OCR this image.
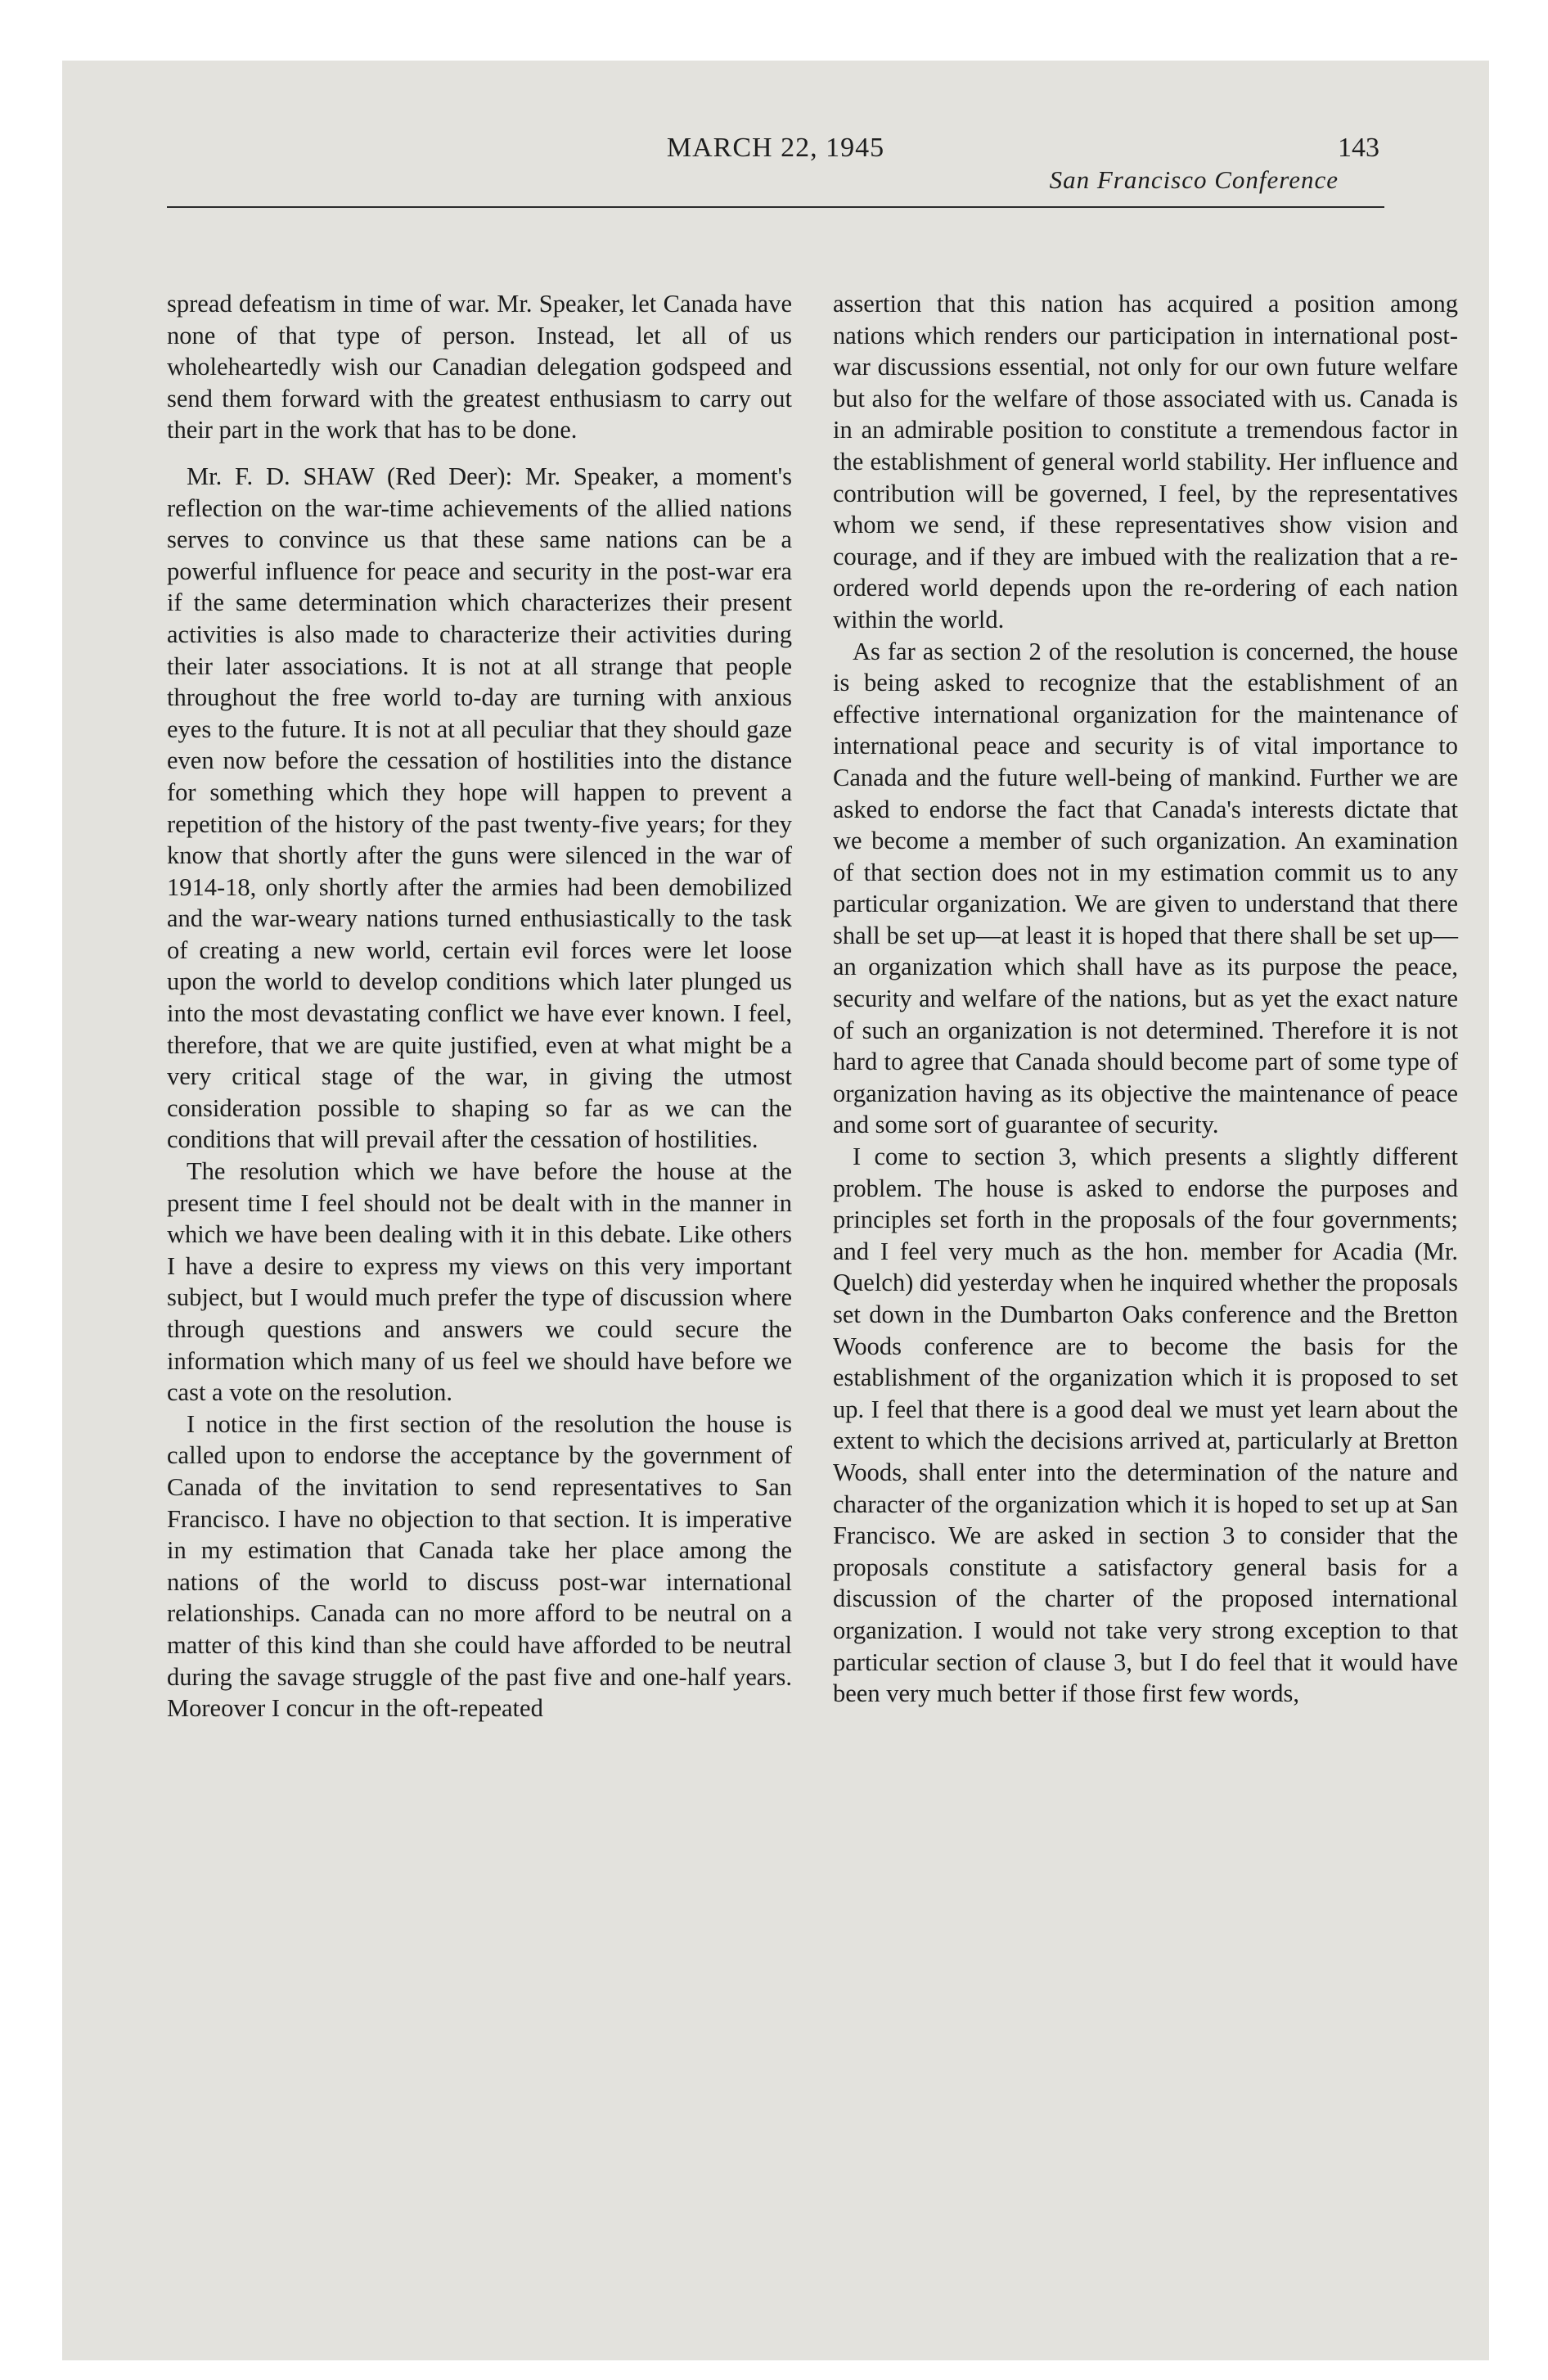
MARCH 22, 1945	143
San Francisco Conference

spread defeatism in time of war. Mr. Speaker, let Canada have none of that type of person. Instead, let all of us wholeheartedly wish our Canadian delegation godspeed and send them forward with the greatest enthusiasm to carry out their part in the work that has to be done.

Mr. F. D. SHAW (Red Deer): Mr. Speaker, a moment's reflection on the war-time achievements of the allied nations serves to convince us that these same nations can be a powerful influence for peace and security in the post-war era if the same determination which characterizes their present activities is also made to characterize their activities during their later associations. It is not at all strange that people throughout the free world to-day are turning with anxious eyes to the future. It is not at all peculiar that they should gaze even now before the cessation of hostilities into the distance for something which they hope will happen to prevent a repetition of the history of the past twenty-five years; for they know that shortly after the guns were silenced in the war of 1914-18, only shortly after the armies had been demobilized and the war-weary nations turned enthusiastically to the task of creating a new world, certain evil forces were let loose upon the world to develop conditions which later plunged us into the most devastating conflict we have ever known. I feel, therefore, that we are quite justified, even at what might be a very critical stage of the war, in giving the utmost consideration possible to shaping so far as we can the conditions that will prevail after the cessation of hostilities.

The resolution which we have before the house at the present time I feel should not be dealt with in the manner in which we have been dealing with it in this debate. Like others I have a desire to express my views on this very important subject, but I would much prefer the type of discussion where through questions and answers we could secure the information which many of us feel we should have before we cast a vote on the resolution.

I notice in the first section of the resolution the house is called upon to endorse the acceptance by the government of Canada of the invitation to send representatives to San Francisco. I have no objection to that section. It is imperative in my estimation that Canada take her place among the nations of the world to discuss post-war international relationships. Canada can no more afford to be neutral on a matter of this kind than she could have afforded to be neutral during the savage struggle of the past five and one-half years. Moreover I concur in the oft-repeated

assertion that this nation has acquired a position among nations which renders our participation in international post-war discussions essential, not only for our own future welfare but also for the welfare of those associated with us. Canada is in an admirable position to constitute a tremendous factor in the establishment of general world stability. Her influence and contribution will be governed, I feel, by the representatives whom we send, if these representatives show vision and courage, and if they are imbued with the realization that a re-ordered world depends upon the re-ordering of each nation within the world.

As far as section 2 of the resolution is concerned, the house is being asked to recognize that the establishment of an effective international organization for the maintenance of international peace and security is of vital importance to Canada and the future well-being of mankind. Further we are asked to endorse the fact that Canada's interests dictate that we become a member of such organization. An examination of that section does not in my estimation commit us to any particular organization. We are given to understand that there shall be set up—at least it is hoped that there shall be set up—an organization which shall have as its purpose the peace, security and welfare of the nations, but as yet the exact nature of such an organization is not determined. Therefore it is not hard to agree that Canada should become part of some type of organization having as its objective the maintenance of peace and some sort of guarantee of security.

I come to section 3, which presents a slightly different problem. The house is asked to endorse the purposes and principles set forth in the proposals of the four governments; and I feel very much as the hon. member for Acadia (Mr. Quelch) did yesterday when he inquired whether the proposals set down in the Dumbarton Oaks conference and the Bretton Woods conference are to become the basis for the establishment of the organization which it is proposed to set up. I feel that there is a good deal we must yet learn about the extent to which the decisions arrived at, particularly at Bretton Woods, shall enter into the determination of the nature and character of the organization which it is hoped to set up at San Francisco. We are asked in section 3 to consider that the proposals constitute a satisfactory general basis for a discussion of the charter of the proposed international organization. I would not take very strong exception to that particular section of clause 3, but I do feel that it would have been very much better if those first few words,
